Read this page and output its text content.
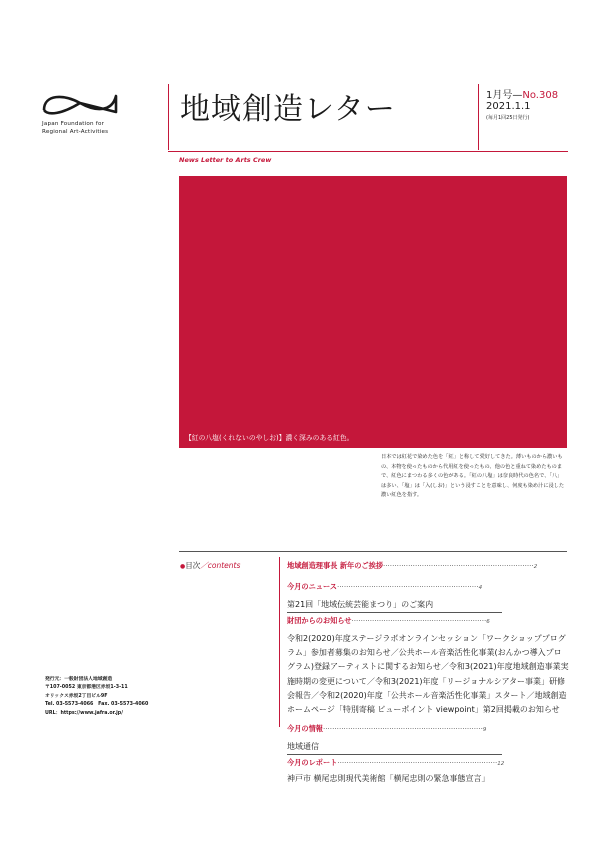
Japan Foundation for
Regional Art-Activities
地域創造レター	1月号—No.308
2021.1.1
(毎月1回25日発行)
News Letter to Arts Crew
【紅の八塩(くれないのやしお)】濃く深みのある紅色。
日本では紅花で染めた色を「紅」と称して愛好してきた。薄いものから濃いもの、本物を使ったものから代用紅を使ったもの、他の色と重ねて染めたものまで、紅色にまつわる多くの色がある。「紅の八塩」は奈良時代の色名で、「八」は多い、「塩」は「入(しお)」という浸すことを意味し、何度も染め汁に浸した濃い紅色を指す。
●目次／contents	地域創造理事長 新年のご挨拶··································································2
今月のニュース······························································4
第21回「地域伝統芸能まつり」のご案内
財団からのお知らせ···························································6
令和2(2020)年度ステージラボオンラインセッション「ワークショッププログラム」参加者募集のお知らせ／公共ホール音楽活性化事業(おんかつ導入プログラム)登録アーティストに関するお知らせ／令和3(2021)年度地域創造事業実施時期の変更について／令和3(2021)年度「リージョナルシアター事業」研修会報告／令和2(2020)年度「公共ホール音楽活性化事業」スタート／地域創造ホームページ「特別寄稿 ビューポイント viewpoint」第2回掲載のお知らせ
今月の情報······································································9
地域通信
今月のレポート······································································12
神戸市 横尾忠則現代美術館「横尾忠則の緊急事態宣言」
発行元：一般財団法人地域創造
〒107-0052 東京都港区赤坂1-3-11
オリックス赤坂2丁目ビル9F
Tel. 03-5573-4066　Fax. 03-5573-4060
URL：https://www.jafra.or.jp/
